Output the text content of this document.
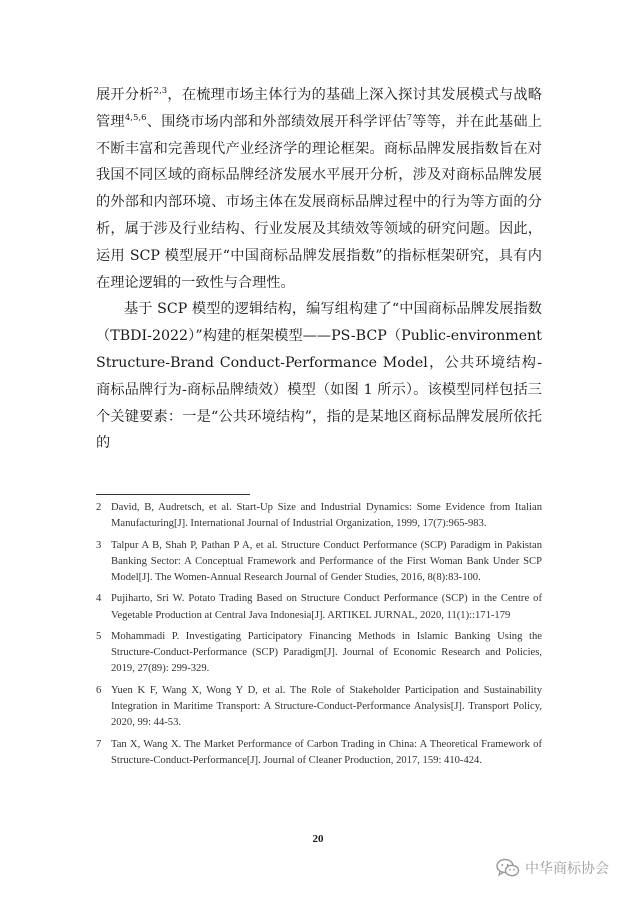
展开分析$^{2,3}$，在梳理市场主体行为的基础上深入探讨其发展模式与战略管理$^{4,5,6}$、围绕市场内部和外部绩效展开科学评估$^7$等等，并在此基础上不断丰富和完善现代产业经济学的理论框架。商标品牌发展指数旨在对我国不同区域的商标品牌经济发展水平展开分析，涉及对商标品牌发展的外部和内部环境、市场主体在发展商标品牌过程中的行为等方面的分析，属于涉及行业结构、行业发展及其绩效等领域的研究问题。因此，运用 SCP 模型展开“中国商标品牌发展指数”的指标框架研究，具有内在理论逻辑的一致性与合理性。

基于 SCP 模型的逻辑结构，编写组构建了“中国商标品牌发展指数（TBDI-2022）”构建的框架模型——PS-BCP（Public-environment Structure-Brand Conduct-Performance Model，公共环境结构-商标品牌行为-商标品牌绩效）模型（如图 1 所示）。该模型同样包括三个关键要素：一是“公共环境结构”，指的是某地区商标品牌发展所依托的

2 David, B, Audretsch, et al. Start-Up Size and Industrial Dynamics: Some Evidence from Italian Manufacturing[J]. International Journal of Industrial Organization, 1999, 17(7):965-983.
3 Talpur A B, Shah P, Pathan P A, et al. Structure Conduct Performance (SCP) Paradigm in Pakistan Banking Sector: A Conceptual Framework and Performance of the First Woman Bank Under SCP Model[J]. The Women-Annual Research Journal of Gender Studies, 2016, 8(8):83-100.
4 Pujiharto, Sri W. Potato Trading Based on Structure Conduct Performance (SCP) in the Centre of Vegetable Production at Central Java Indonesia[J]. ARTIKEL JURNAL, 2020, 11(1)::171-179
5 Mohammadi P. Investigating Participatory Financing Methods in Islamic Banking Using the Structure-Conduct-Performance (SCP) Paradigm[J]. Journal of Economic Research and Policies, 2019, 27(89): 299-329.
6 Yuen K F, Wang X, Wong Y D, et al. The Role of Stakeholder Participation and Sustainability Integration in Maritime Transport: A Structure-Conduct-Performance Analysis[J]. Transport Policy, 2020, 99: 44-53.
7 Tan X, Wang X. The Market Performance of Carbon Trading in China: A Theoretical Framework of Structure-Conduct-Performance[J]. Journal of Cleaner Production, 2017, 159: 410-424.
20
中华商标协会
